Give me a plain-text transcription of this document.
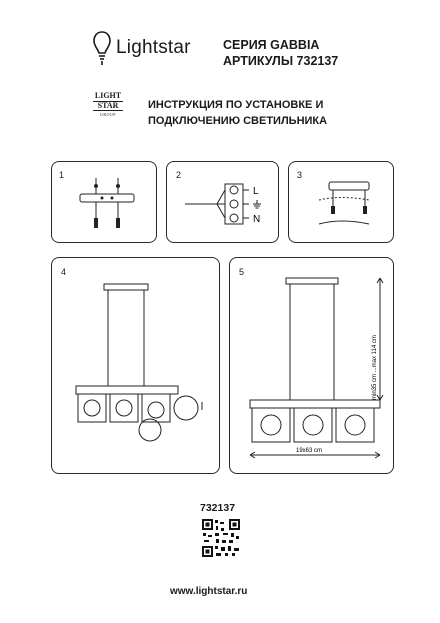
Lightstar	СЕРИЯ GABBIA
АРТИКУЛЫ 732137
LIGHT
STAR
GROUP
ИНСТРУКЦИЯ ПО УСТАНОВКЕ И
ПОДКЛЮЧЕНИЮ СВЕТИЛЬНИКА
1	2
L
N
3
4	5
19х63 cm
min35 cm ...max 114 cm
732137
www.lightstar.ru
